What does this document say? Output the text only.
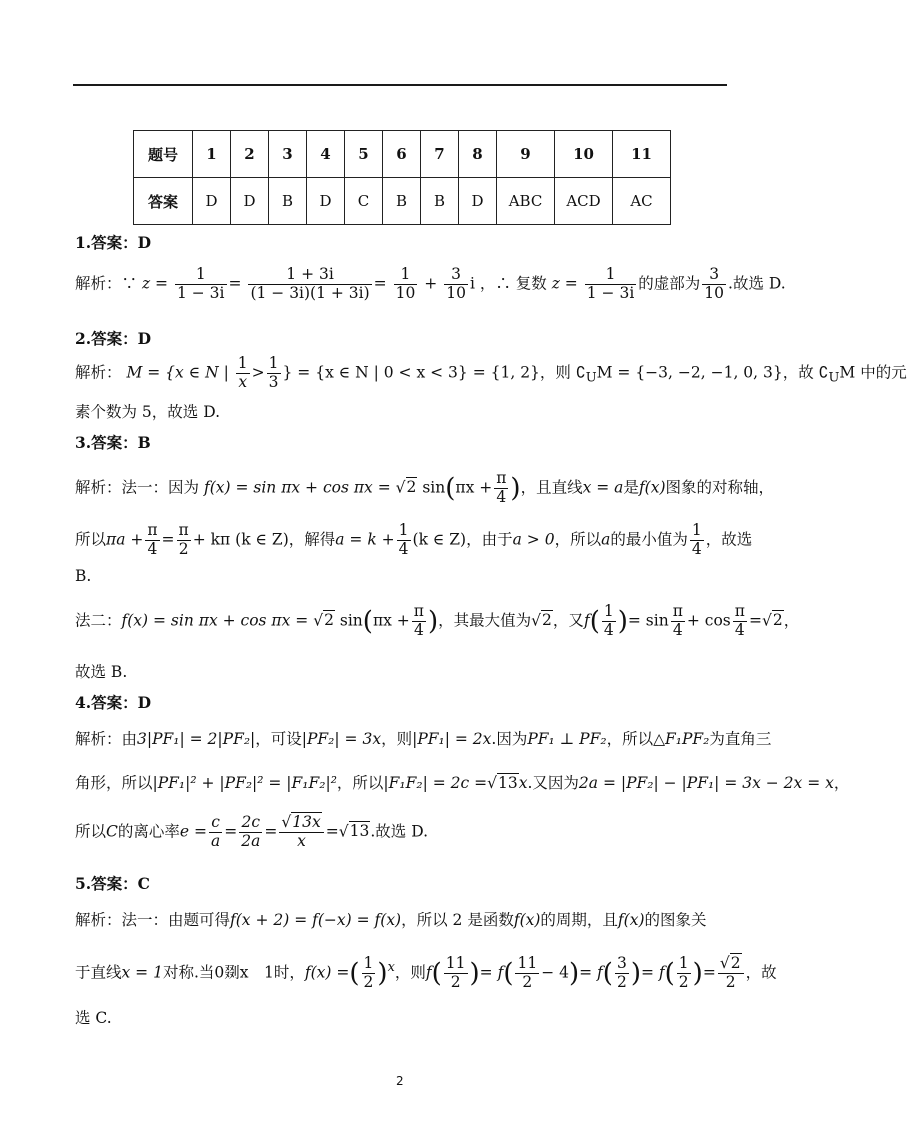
题号	1	2	3	4	5	6	7	8	9	10	11
答案	D	D	B	D	C	B	B	D	ABC	ACD	AC
1.答案：D
解析：∵ $z = \frac{1}{1 - 3i} = \frac{1 + 3i}{(1 - 3i)(1 + 3i)} = \frac{1}{10} + \frac{3}{10}$ i ，∴ 复数 $z = \frac{1}{1 - 3i}$ 的虚部为 $\frac{3}{10}$ .故选 D.
2.答案：D
解析： M = {x ∈ N | $\frac{1}{x} > \frac{1}{3}$ } = {x ∈ N | 0 < x < 3} = {1, 2}，则 $∁_UM = \{-3$, −2, −1, 0, 3}，故 $∁_UM$ 中的元
素个数为 5，故选 D.
3.答案：B
解析：法一：因为 f(x) = sin πx + cos πx = √2 $\sin(\pi x + \frac{\pi}{4}$ )，且直线x = a是f(x)图象的对称轴，
所以$\pi a + \frac{\pi}{4} = \frac{\pi}{2} + k\pi$ (k ∈ Z)，解得$a = k + \frac{1}{4} (k$ ∈ Z)，由于a > 0，所以a的最小值为 $\frac{1}{4}$ ，故选
B.
法二：f(x) = sin πx + cos πx = √2 $\sin(\pi x + \frac{\pi}{4}$ )，其最大值为√2，又$f( \frac{1}{4}$ )= $\sin \frac{\pi}{4} + \cos \frac{\pi}{4} =√2$，
故选 B.
4.答案：D
解析：由3|PF₁| = 2|PF₂|，可设|PF₂| = 3x，则|PF₁| = 2x.因为PF₁ ⊥ PF₂，所以△F₁PF₂为直角三
角形，所以|PF₁|² + |PF₂|² = |F₁F₂|²，所以|F₁F₂| = 2c =√13x.又因为2a = |PF₂| − |PF₁| = 3x − 2x = x，
所以C的离心率$e = \frac{c}{a} = \frac{2c}{2a} = \frac{√13x}{x} =√13$.故选 D.
5.答案：C
解析：法一：由题可得f(x + 2) = f(−x) = f(x)，所以 2 是函数f(x)的周期，且f(x)的图象关
于直线x = 1对称.当0剟x　1时，f(x) =( $\frac{1}{2} )^x$，则$f( \frac{11}{2}$ )= $f( \frac{11}{2} - 4)= f( \frac{3}{2}$ )= $f( \frac{1}{2}$ )= $\frac{√2}{2}$ ，故
选 C.
2
